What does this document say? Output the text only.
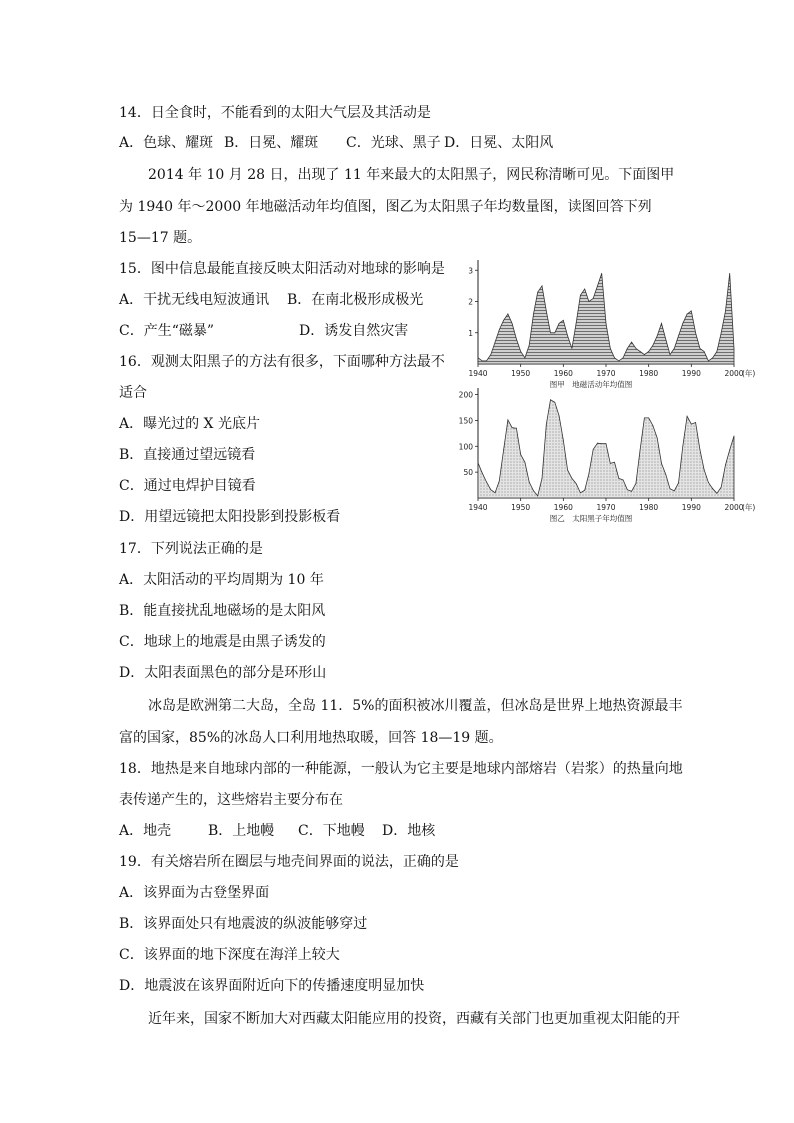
14．日全食时，不能看到的太阳大气层及其活动是
A．色球、耀斑 B．日冕、耀斑 C．光球、黑子 D．日冕、太阳风
2014 年 10 月 28 日，出现了 11 年来最大的太阳黑子，网民称清晰可见。下面图甲
为 1940 年～2000 年地磁活动年均值图，图乙为太阳黑子年均数量图，读图回答下列
15—17 题。
15．图中信息最能直接反映太阳活动对地球的影响是
A．干扰无线电短波通讯 B．在南北极形成极光
C．产生“磁暴”	D．诱发自然灾害
16．观测太阳黑子的方法有很多，下面哪种方法最不
适合
A．曝光过的 X 光底片
B．直接通过望远镜看
C．通过电焊护目镜看
D．用望远镜把太阳投影到投影板看
17．下列说法正确的是
A．太阳活动的平均周期为 10 年
B．能直接扰乱地磁场的是太阳风
C．地球上的地震是由黑子诱发的
D．太阳表面黑色的部分是环形山
冰岛是欧洲第二大岛，全岛 11．5%的面积被冰川覆盖，但冰岛是世界上地热资源最丰
富的国家，85%的冰岛人口利用地热取暖，回答 18—19 题。
18．地热是来自地球内部的一种能源，一般认为它主要是地球内部熔岩（岩浆）的热量向地
表传递产生的，这些熔岩主要分布在
A．地壳	B．上地幔 C．下地幔 D．地核
19．有关熔岩所在圈层与地壳间界面的说法，正确的是
A．该界面为古登堡界面
B．该界面处只有地震波的纵波能够穿过
C．该界面的地下深度在海洋上较大
D．地震波在该界面附近向下的传播速度明显加快
近年来，国家不断加大对西藏太阳能应用的投资，西藏有关部门也更加重视太阳能的开
1940	1950	1960	1970	1980	1990	2000
(年)
1
2
3
图甲　地磁活动年均值图
1940	1950	1960	1970	1980	1990	2000
(年)
50
100
150
200
图乙　太阳黑子年均值图
